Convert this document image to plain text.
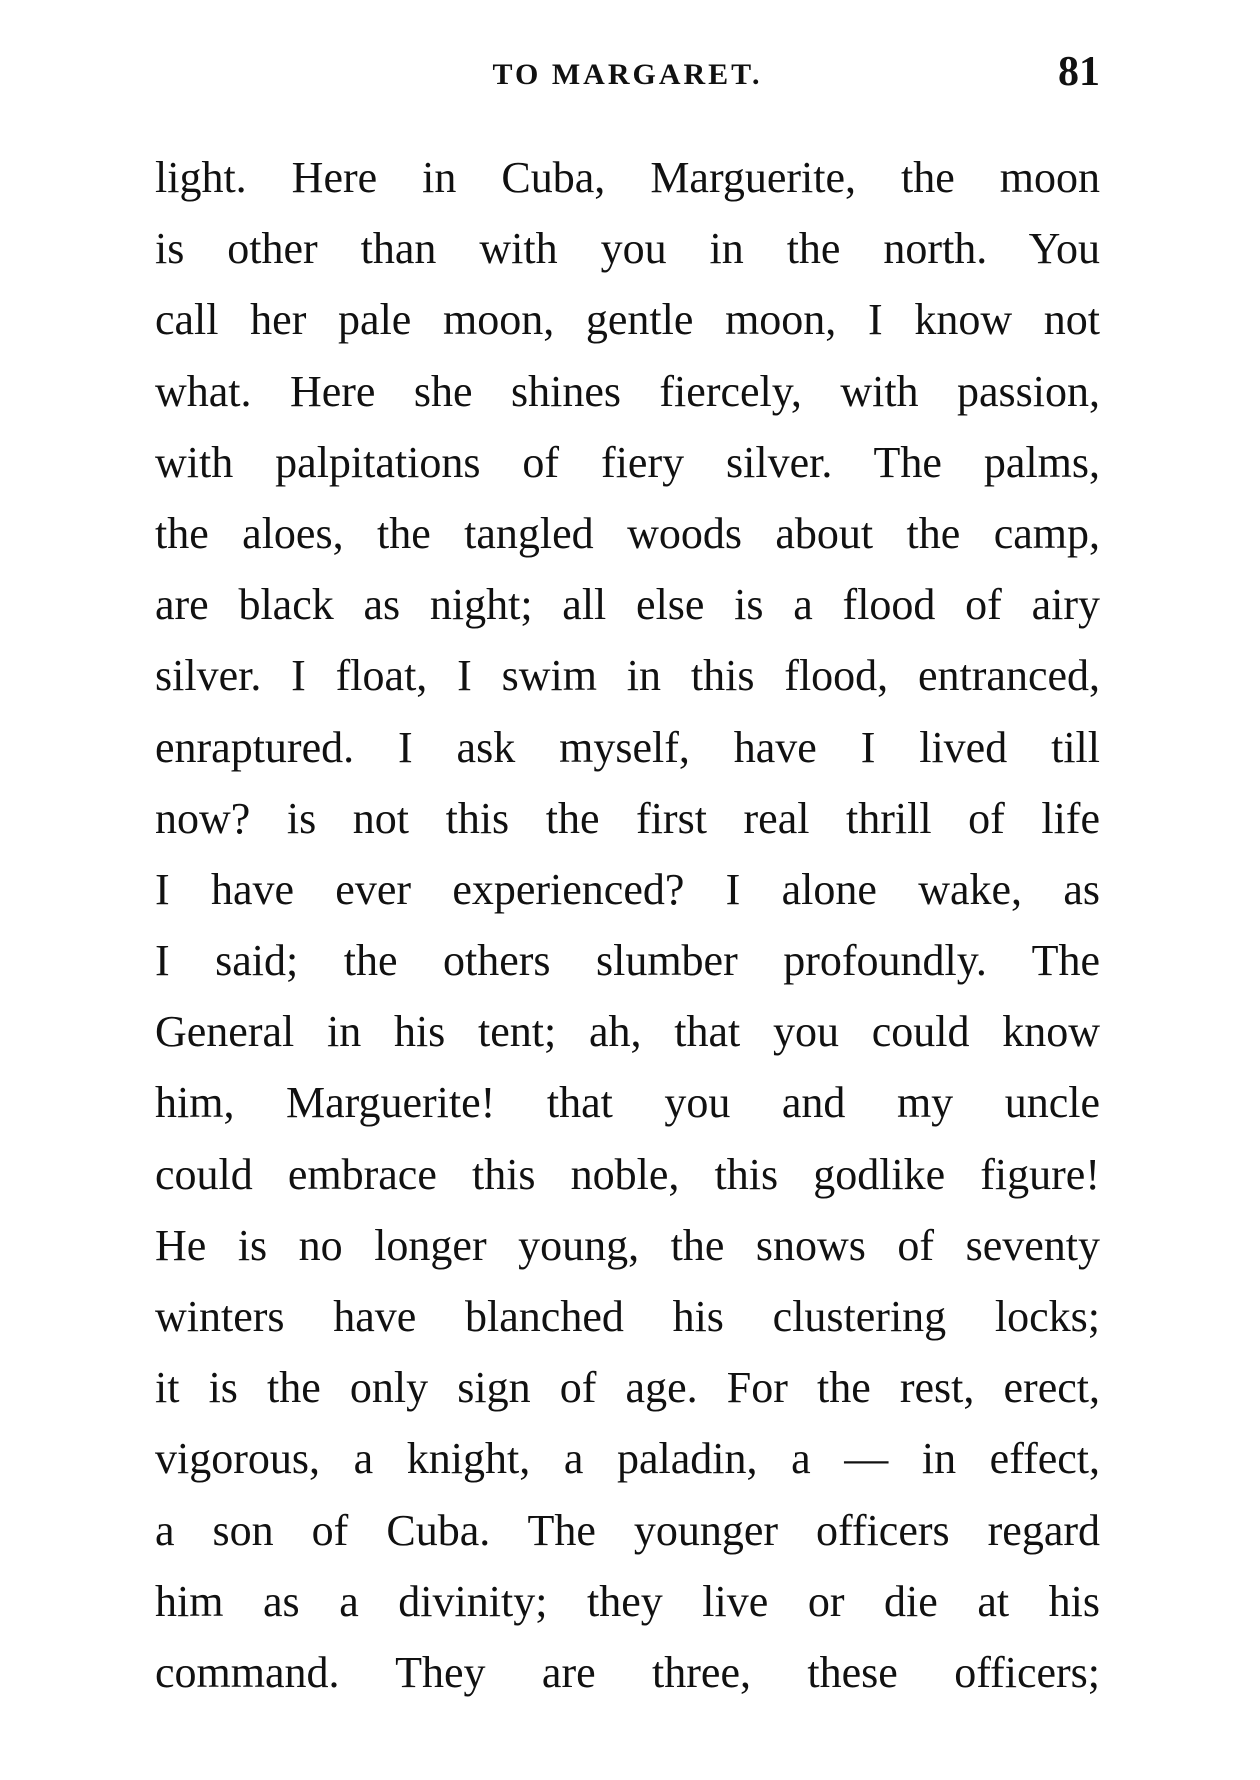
TO MARGARET.	81
light. Here in Cuba, Marguerite, the moon
is other than with you in the north. You
call her pale moon, gentle moon, I know not
what. Here she shines fiercely, with passion,
with palpitations of fiery silver. The palms,
the aloes, the tangled woods about the camp,
are black as night; all else is a flood of airy
silver. I float, I swim in this flood, entranced,
enraptured. I ask myself, have I lived till
now? is not this the first real thrill of life
I have ever experienced? I alone wake, as
I said; the others slumber profoundly. The
General in his tent; ah, that you could know
him, Marguerite! that you and my uncle
could embrace this noble, this godlike figure!
He is no longer young, the snows of seventy
winters have blanched his clustering locks;
it is the only sign of age. For the rest, erect,
vigorous, a knight, a paladin, a — in effect,
a son of Cuba. The younger officers regard
him as a divinity; they live or die at his
command. They are three, these officers;
